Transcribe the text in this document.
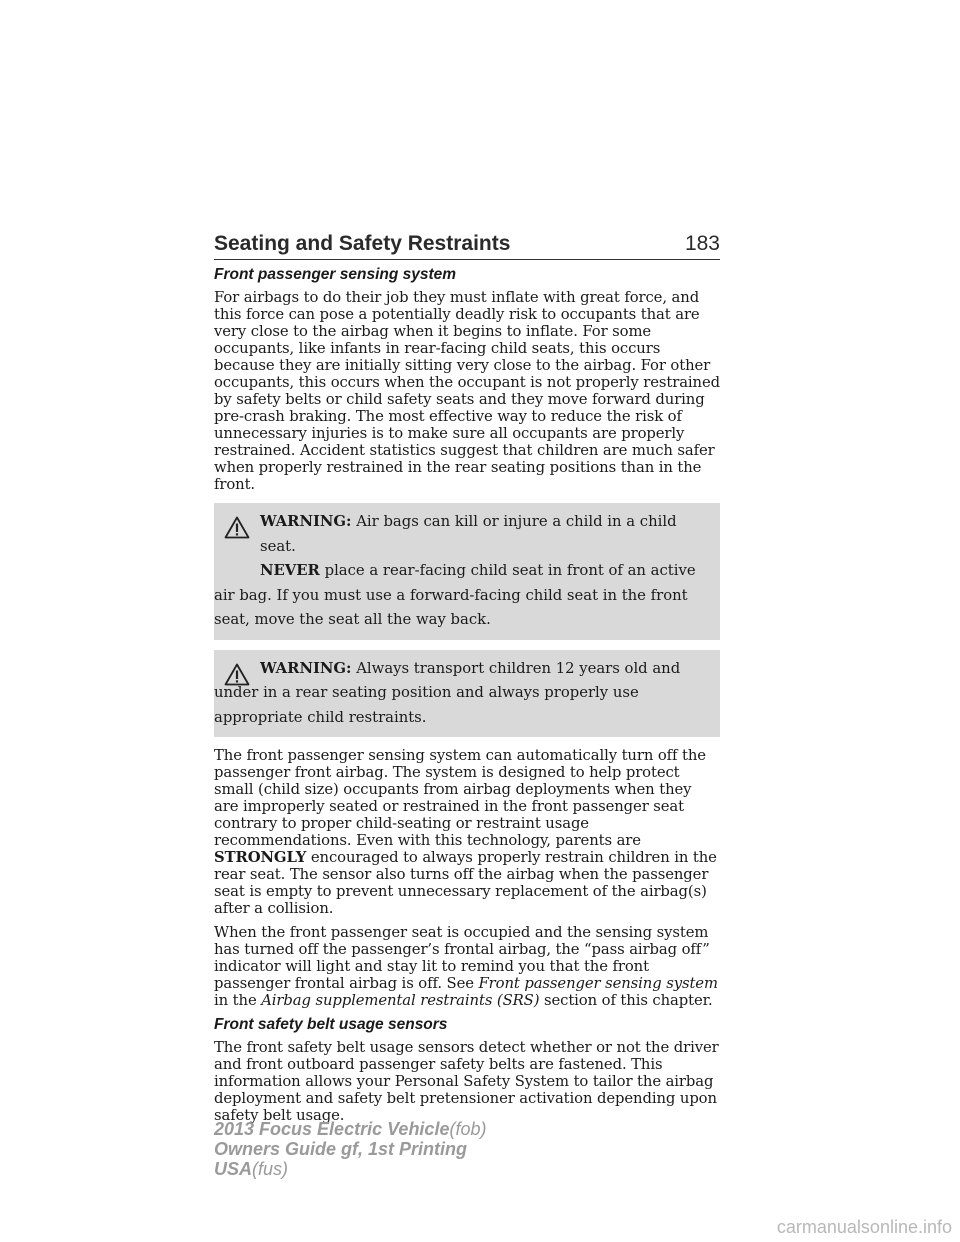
Seating and Safety Restraints	183
Front passenger sensing system

For airbags to do their job they must inflate with great force, and this force can pose a potentially deadly risk to occupants that are very close to the airbag when it begins to inflate. For some occupants, like infants in rear-facing child seats, this occurs because they are initially sitting very close to the airbag. For other occupants, this occurs when the occupant is not properly restrained by safety belts or child safety seats and they move forward during pre-crash braking. The most effective way to reduce the risk of unnecessary injuries is to make sure all occupants are properly restrained. Accident statistics suggest that children are much safer when properly restrained in the rear seating positions than in the front.

WARNING: Air bags can kill or injure a child in a child seat.
NEVER place a rear-facing child seat in front of an active air bag. If you must use a forward-facing child seat in the front seat, move the seat all the way back.
WARNING: Always transport children 12 years old and under in a rear seating position and always properly use appropriate child restraints.

The front passenger sensing system can automatically turn off the passenger front airbag. The system is designed to help protect small (child size) occupants from airbag deployments when they are improperly seated or restrained in the front passenger seat contrary to proper child-seating or restraint usage recommendations. Even with this technology, parents are STRONGLY encouraged to always properly restrain children in the rear seat. The sensor also turns off the airbag when the passenger seat is empty to prevent unnecessary replacement of the airbag(s) after a collision.

When the front passenger seat is occupied and the sensing system has turned off the passenger’s frontal airbag, the “pass airbag off” indicator will light and stay lit to remind you that the front passenger frontal airbag is off. See Front passenger sensing system in the Airbag supplemental restraints (SRS) section of this chapter.

Front safety belt usage sensors

The front safety belt usage sensors detect whether or not the driver and front outboard passenger safety belts are fastened. This information allows your Personal Safety System to tailor the airbag deployment and safety belt pretensioner activation depending upon safety belt usage.

2013 Focus Electric Vehicle(fob)
Owners Guide gf, 1st Printing
USA(fus)
carmanualsonline.info
